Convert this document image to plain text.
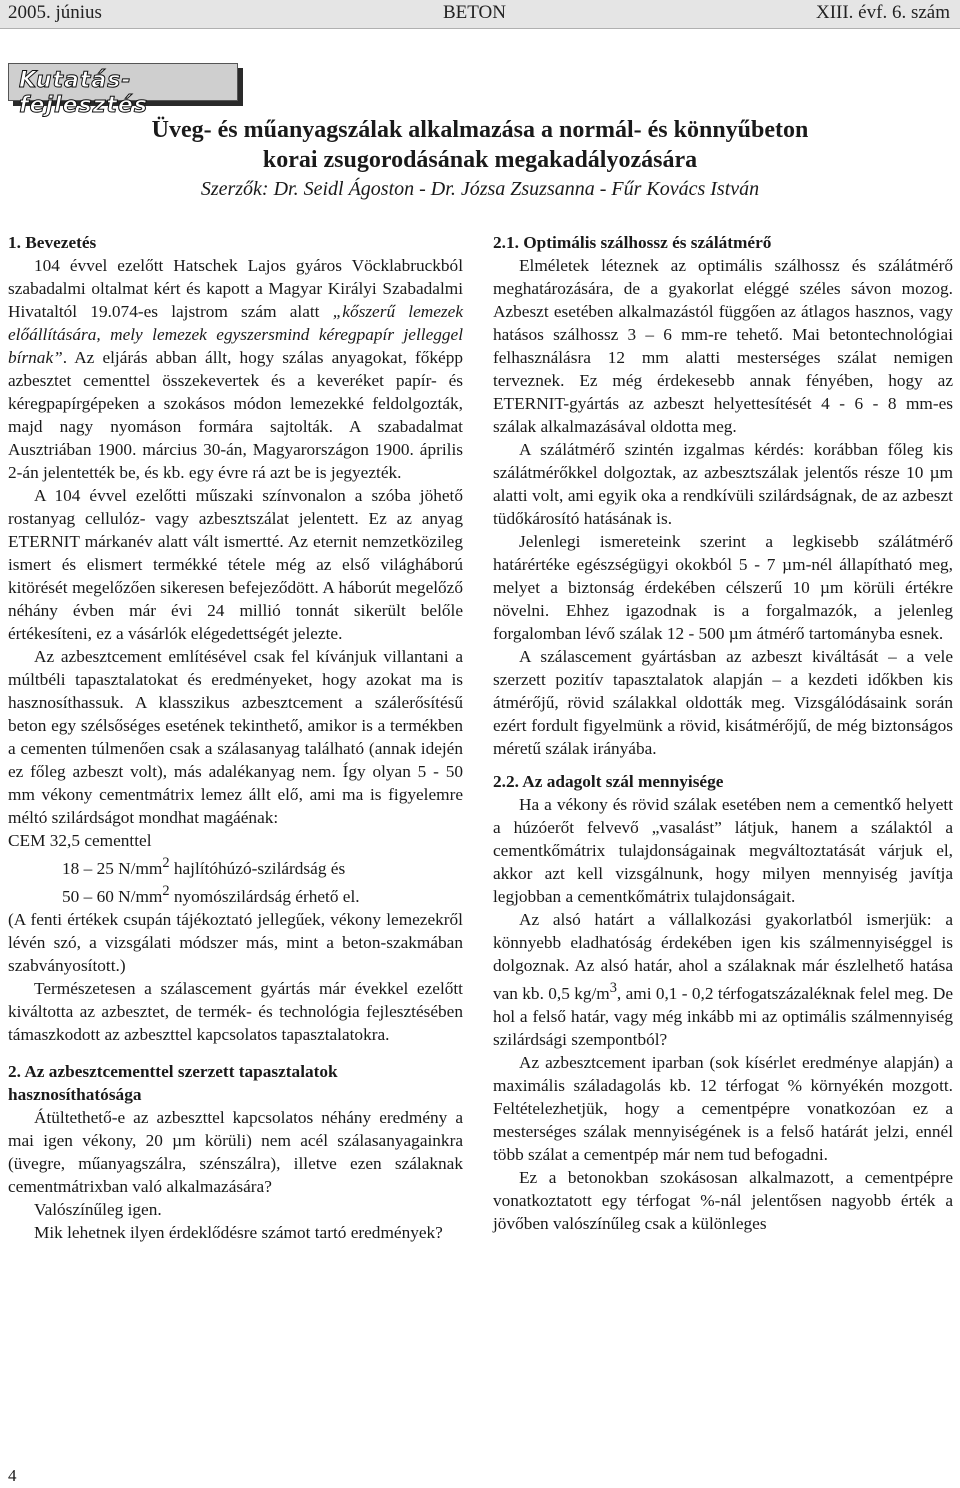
2005. június	BETON	XIII. évf. 6. szám
Kutatás-fejlesztés
Üveg- és műanyagszálak alkalmazása a normál- és könnyűbeton
korai zsugorodásának megakadályozására
Szerzők: Dr. Seidl Ágoston - Dr. Józsa Zsuzsanna - Fűr Kovács István
1. Bevezetés

104 évvel ezelőtt Hatschek Lajos gyáros Vöcklabruckból szabadalmi oltalmat kért és kapott a Magyar Királyi Szabadalmi Hivataltól 19.074-es lajstrom szám alatt „kőszerű lemezek előállítására, mely lemezek egyszersmind kéregpapír jelleggel bírnak”. Az eljárás abban állt, hogy szálas anyagokat, főképp azbesztet cementtel összekevertek és a keveréket papír- és kéregpapírgépeken a szokásos módon lemezekké feldolgozták, majd nagy nyomáson formára sajtolták. A szabadalmat Ausztriában 1900. március 30-án, Magyarországon 1900. április 2-án jelentették be, és kb. egy évre rá azt be is jegyezték.

A 104 évvel ezelőtti műszaki színvonalon a szóba jöhető rostanyag cellulóz- vagy azbesztszálat jelentett. Ez az anyag ETERNIT márkanév alatt vált ismertté. Az eternit nemzetközileg ismert és elismert termékké tétele még az első világháború kitörését megelőzően sikeresen befejeződött. A háborút megelőző néhány évben már évi 24 millió tonnát sikerült belőle értékesíteni, ez a vásárlók elégedettségét jelezte.

Az azbesztcement említésével csak fel kívánjuk villantani a múltbéli tapasztalatokat és eredményeket, hogy azokat ma is hasznosíthassuk. A klasszikus azbesztcement a szálerősítésű beton egy szélsőséges esetének tekinthető, amikor is a termékben a cementen túlmenően csak a szálasanyag található (annak idején ez főleg azbeszt volt), más adalékanyag nem. Így olyan 5 - 50 mm vékony cementmátrix lemez állt elő, ami ma is figyelemre méltó szilárdságot mondhat magáénak:

CEM 32,5 cementtel

18 – 25 $N/mm^2$ hajlítóhúzó-szilárdság és

50 – 60 $N/mm^2$ nyomószilárdság érhető el.

(A fenti értékek csupán tájékoztató jellegűek, vékony lemezekről lévén szó, a vizsgálati módszer más, mint a beton-szakmában szabványosított.)

Természetesen a szálascement gyártás már évekkel ezelőtt kiváltotta az azbesztet, de termék- és technológia fejlesztésében támaszkodott az azbeszttel kapcsolatos tapasztalatokra.

2. Az azbesztcementtel szerzett tapasztalatok hasznosíthatósága

Átültethető-e az azbeszttel kapcsolatos néhány eredmény a mai igen vékony, 20 µm körüli) nem acél szálasanyagainkra (üvegre, műanyagszálra, szénszálra), illetve ezen szálaknak cementmátrixban való alkalmazására?

Valószínűleg igen.

Mik lehetnek ilyen érdeklődésre számot tartó eredmények?

2.1. Optimális szálhossz és szálátmérő

Elméletek léteznek az optimális szálhossz és szálátmérő meghatározására, de a gyakorlat eléggé széles sávon mozog. Azbeszt esetében alkalmazástól függően az átlagos hasznos, vagy hatásos szálhossz 3 – 6 mm-re tehető. Mai betontechnológiai felhasználásra 12 mm alatti mesterséges szálat nemigen terveznek. Ez még érdekesebb annak fényében, hogy az ETERNIT-gyártás az azbeszt helyettesítését 4 - 6 - 8 mm-es szálak alkalmazásával oldotta meg.

A szálátmérő szintén izgalmas kérdés: korábban főleg kis szálátmérőkkel dolgoztak, az azbesztszálak jelentős része 10 µm alatti volt, ami egyik oka a rendkívüli szilárdságnak, de az azbeszt tüdőkárosító hatásának is.

Jelenlegi ismereteink szerint a legkisebb szálátmérő határértéke egészségügyi okokból 5 - 7 µm-nél állapítható meg, melyet a biztonság érdekében célszerű 10 µm körüli értékre növelni. Ehhez igazodnak is a forgalmazók, a jelenleg forgalomban lévő szálak 12 - 500 µm átmérő tartományba esnek.

A szálascement gyártásban az azbeszt kiváltását – a vele szerzett pozitív tapasztalatok alapján – a kezdeti időkben kis átmérőjű, rövid szálakkal oldották meg. Vizsgálódásaink során ezért fordult figyelmünk a rövid, kisátmérőjű, de még biztonságos méretű szálak irányába.

2.2. Az adagolt szál mennyisége

Ha a vékony és rövid szálak esetében nem a cementkő helyett a húzóerőt felvevő „vasalást” látjuk, hanem a szálaktól a cementkőmátrix tulajdonságainak megváltoztatását várjuk el, akkor azt kell vizsgálnunk, hogy milyen mennyiség javítja legjobban a cementkőmátrix tulajdonságait.

Az alsó határt a vállalkozási gyakorlatból ismerjük: a könnyebb eladhatóság érdekében igen kis szálmennyiséggel is dolgoznak. Az alsó határ, ahol a szálaknak már észlelhető hatása van kb. 0,5 $kg/m^3$, ami 0,1 - 0,2 térfogatszázaléknak felel meg. De hol a felső határ, vagy még inkább mi az optimális szálmennyiség szilárdsági szempontból?

Az azbesztcement iparban (sok kísérlet eredménye alapján) a maximális száladagolás kb. 12 térfogat % környékén mozgott. Feltételezhetjük, hogy a cementpépre vonatkozóan ez a mesterséges szálak mennyiségének is a felső határát jelzi, ennél több szálat a cementpép már nem tud befogadni.

Ez a betonokban szokásosan alkalmazott, a cementpépre vonatkoztatott egy térfogat %-nál jelentősen nagyobb érték a jövőben valószínűleg csak a különleges

4
